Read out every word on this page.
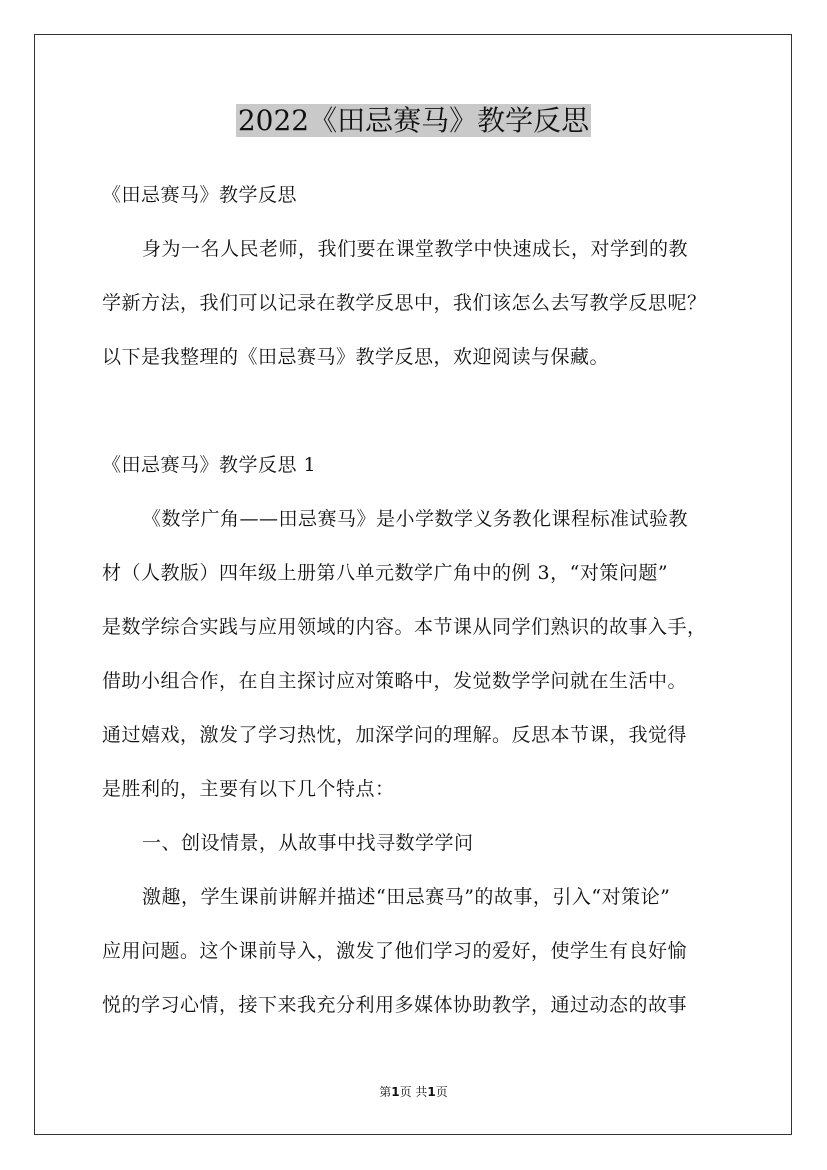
2022《田忌赛马》教学反思
《田忌赛马》教学反思
身为一名人民老师，我们要在课堂教学中快速成长，对学到的教
学新方法，我们可以记录在教学反思中，我们该怎么去写教学反思呢？
以下是我整理的《田忌赛马》教学反思，欢迎阅读与保藏。
《田忌赛马》教学反思 1
《数学广角——田忌赛马》是小学数学义务教化课程标准试验教
材（人教版）四年级上册第八单元数学广角中的例 3，“对策问题”
是数学综合实践与应用领域的内容。本节课从同学们熟识的故事入手，
借助小组合作，在自主探讨应对策略中，发觉数学学问就在生活中。
通过嬉戏，激发了学习热忱，加深学问的理解。反思本节课，我觉得
是胜利的，主要有以下几个特点：
一、创设情景，从故事中找寻数学学问
激趣，学生课前讲解并描述“田忌赛马”的故事，引入“对策论”
应用问题。这个课前导入，激发了他们学习的爱好，使学生有良好愉
悦的学习心情，接下来我充分利用多媒体协助教学，通过动态的故事
第1页 共1页
